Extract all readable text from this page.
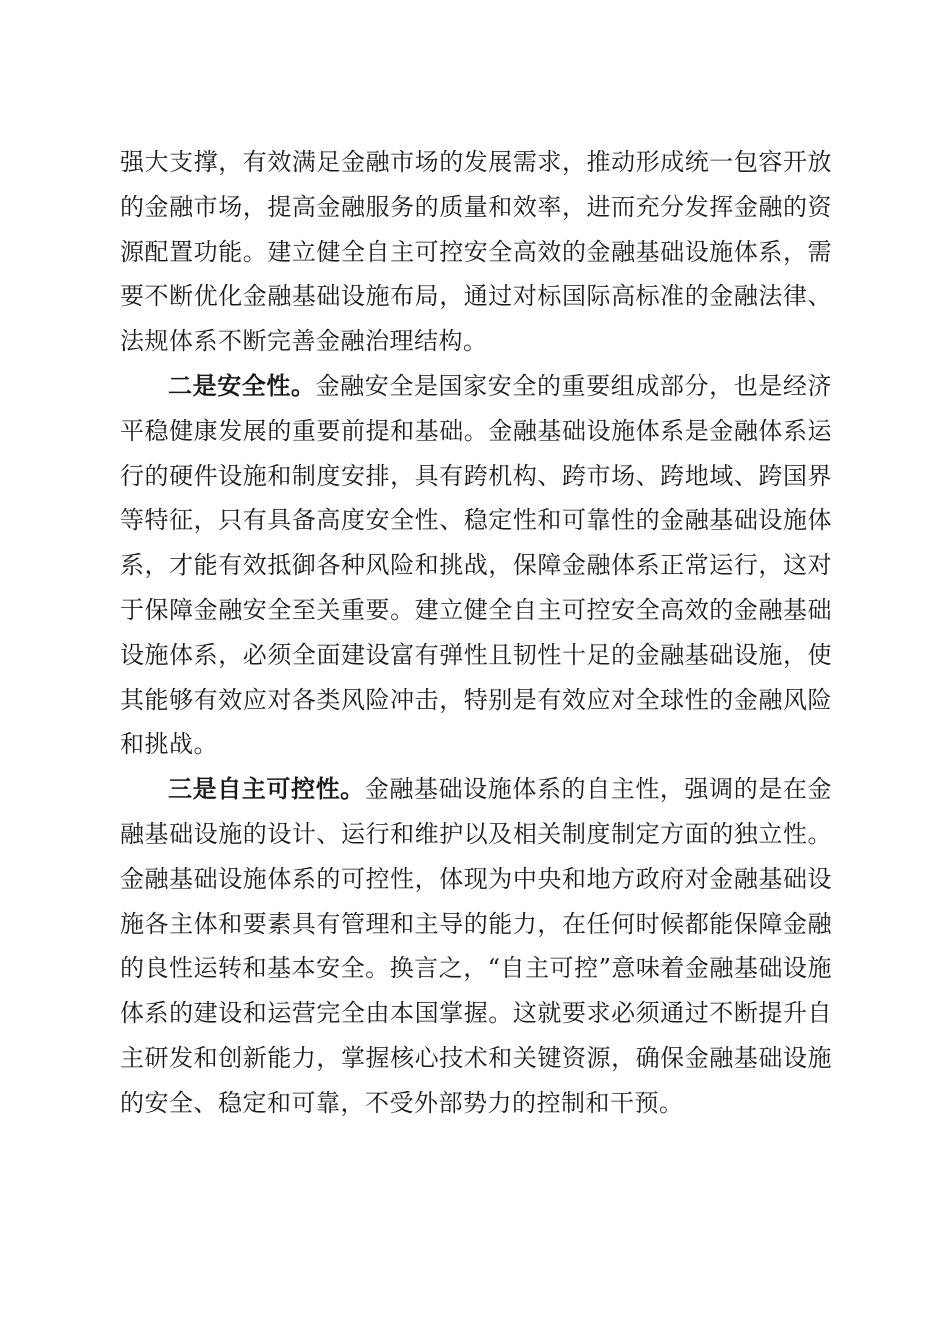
强大支撑，有效满足金融市场的发展需求，推动形成统一包容开放的金融市场，提高金融服务的质量和效率，进而充分发挥金融的资源配置功能。建立健全自主可控安全高效的金融基础设施体系，需要不断优化金融基础设施布局，通过对标国际高标准的金融法律、法规体系不断完善金融治理结构。

二是安全性。金融安全是国家安全的重要组成部分，也是经济平稳健康发展的重要前提和基础。金融基础设施体系是金融体系运行的硬件设施和制度安排，具有跨机构、跨市场、跨地域、跨国界等特征，只有具备高度安全性、稳定性和可靠性的金融基础设施体系，才能有效抵御各种风险和挑战，保障金融体系正常运行，这对于保障金融安全至关重要。建立健全自主可控安全高效的金融基础设施体系，必须全面建设富有弹性且韧性十足的金融基础设施，使其能够有效应对各类风险冲击，特别是有效应对全球性的金融风险和挑战。

三是自主可控性。金融基础设施体系的自主性，强调的是在金融基础设施的设计、运行和维护以及相关制度制定方面的独立性。金融基础设施体系的可控性，体现为中央和地方政府对金融基础设施各主体和要素具有管理和主导的能力，在任何时候都能保障金融的良性运转和基本安全。换言之，“自主可控”意味着金融基础设施体系的建设和运营完全由本国掌握。这就要求必须通过不断提升自主研发和创新能力，掌握核心技术和关键资源，确保金融基础设施的安全、稳定和可靠，不受外部势力的控制和干预。
